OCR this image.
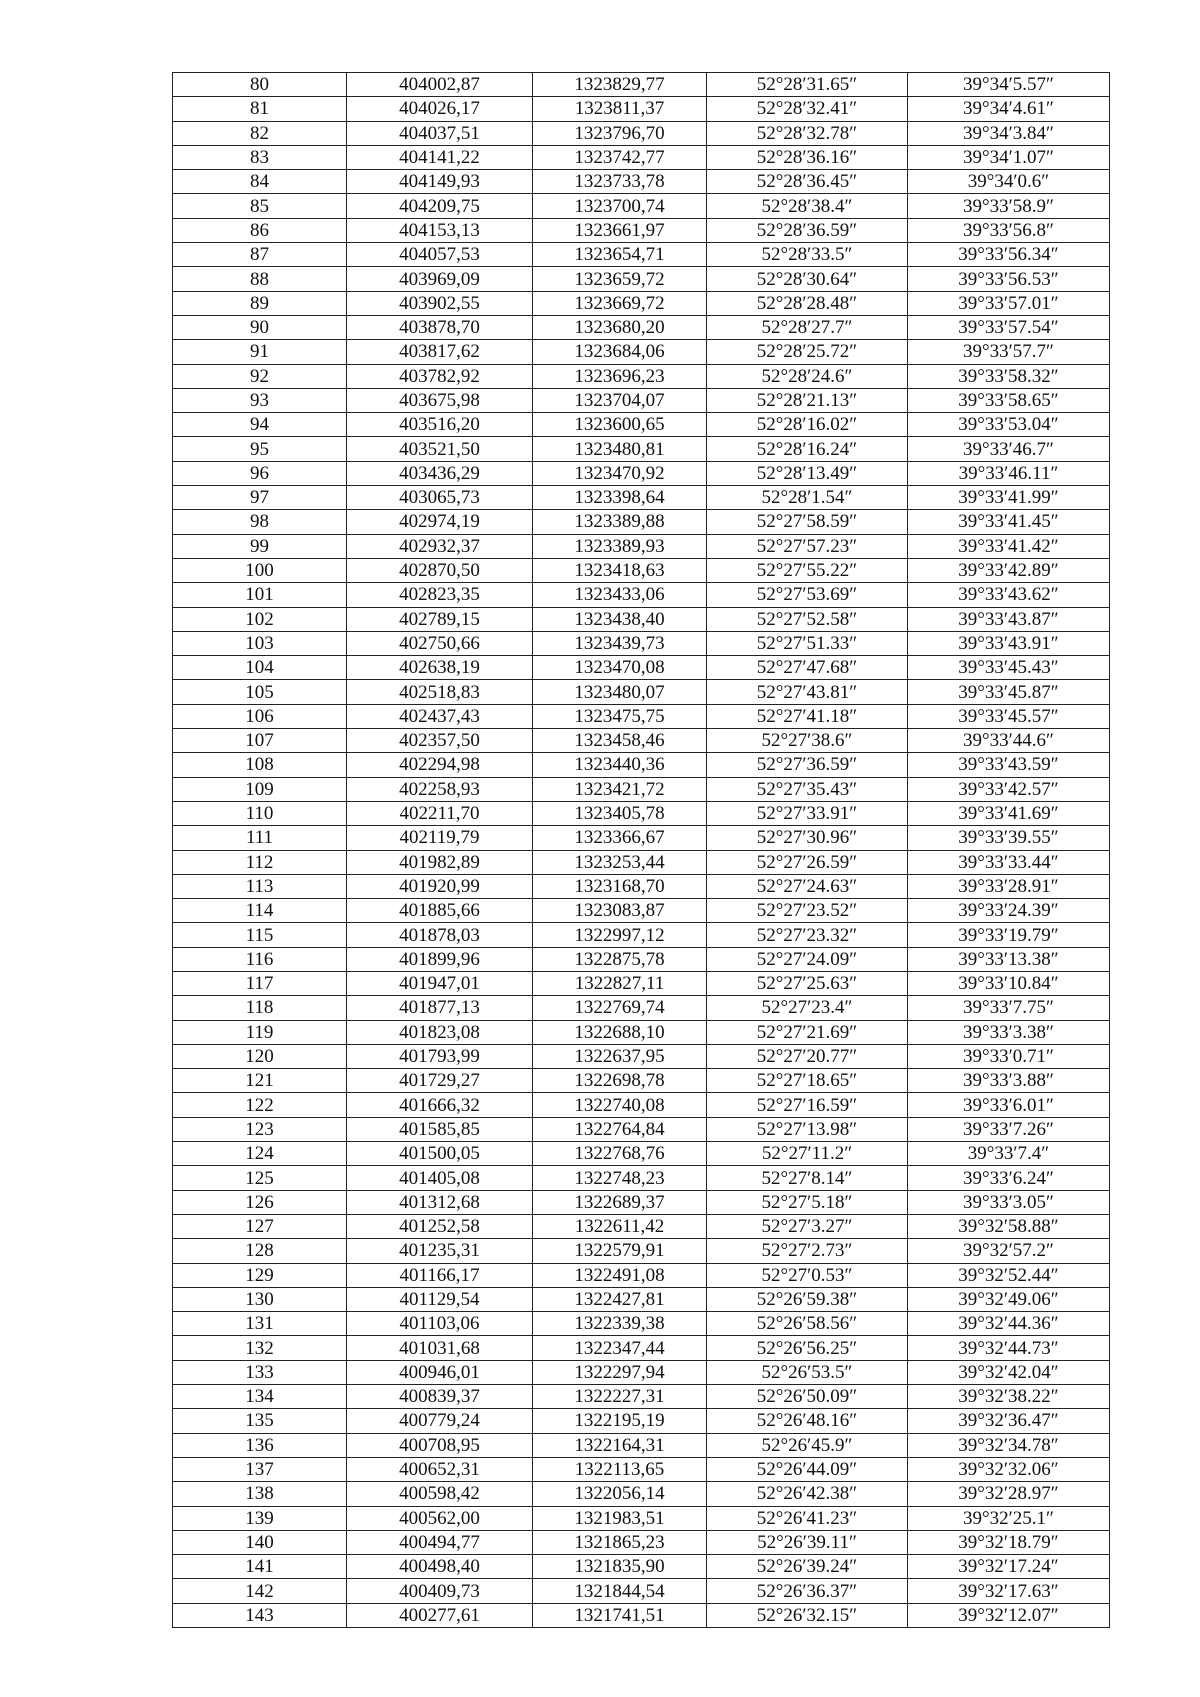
80	404002,87	1323829,77	52°28′31.65″	39°34′5.57″
81	404026,17	1323811,37	52°28′32.41″	39°34′4.61″
82	404037,51	1323796,70	52°28′32.78″	39°34′3.84″
83	404141,22	1323742,77	52°28′36.16″	39°34′1.07″
84	404149,93	1323733,78	52°28′36.45″	39°34′0.6″
85	404209,75	1323700,74	52°28′38.4″	39°33′58.9″
86	404153,13	1323661,97	52°28′36.59″	39°33′56.8″
87	404057,53	1323654,71	52°28′33.5″	39°33′56.34″
88	403969,09	1323659,72	52°28′30.64″	39°33′56.53″
89	403902,55	1323669,72	52°28′28.48″	39°33′57.01″
90	403878,70	1323680,20	52°28′27.7″	39°33′57.54″
91	403817,62	1323684,06	52°28′25.72″	39°33′57.7″
92	403782,92	1323696,23	52°28′24.6″	39°33′58.32″
93	403675,98	1323704,07	52°28′21.13″	39°33′58.65″
94	403516,20	1323600,65	52°28′16.02″	39°33′53.04″
95	403521,50	1323480,81	52°28′16.24″	39°33′46.7″
96	403436,29	1323470,92	52°28′13.49″	39°33′46.11″
97	403065,73	1323398,64	52°28′1.54″	39°33′41.99″
98	402974,19	1323389,88	52°27′58.59″	39°33′41.45″
99	402932,37	1323389,93	52°27′57.23″	39°33′41.42″
100	402870,50	1323418,63	52°27′55.22″	39°33′42.89″
101	402823,35	1323433,06	52°27′53.69″	39°33′43.62″
102	402789,15	1323438,40	52°27′52.58″	39°33′43.87″
103	402750,66	1323439,73	52°27′51.33″	39°33′43.91″
104	402638,19	1323470,08	52°27′47.68″	39°33′45.43″
105	402518,83	1323480,07	52°27′43.81″	39°33′45.87″
106	402437,43	1323475,75	52°27′41.18″	39°33′45.57″
107	402357,50	1323458,46	52°27′38.6″	39°33′44.6″
108	402294,98	1323440,36	52°27′36.59″	39°33′43.59″
109	402258,93	1323421,72	52°27′35.43″	39°33′42.57″
110	402211,70	1323405,78	52°27′33.91″	39°33′41.69″
111	402119,79	1323366,67	52°27′30.96″	39°33′39.55″
112	401982,89	1323253,44	52°27′26.59″	39°33′33.44″
113	401920,99	1323168,70	52°27′24.63″	39°33′28.91″
114	401885,66	1323083,87	52°27′23.52″	39°33′24.39″
115	401878,03	1322997,12	52°27′23.32″	39°33′19.79″
116	401899,96	1322875,78	52°27′24.09″	39°33′13.38″
117	401947,01	1322827,11	52°27′25.63″	39°33′10.84″
118	401877,13	1322769,74	52°27′23.4″	39°33′7.75″
119	401823,08	1322688,10	52°27′21.69″	39°33′3.38″
120	401793,99	1322637,95	52°27′20.77″	39°33′0.71″
121	401729,27	1322698,78	52°27′18.65″	39°33′3.88″
122	401666,32	1322740,08	52°27′16.59″	39°33′6.01″
123	401585,85	1322764,84	52°27′13.98″	39°33′7.26″
124	401500,05	1322768,76	52°27′11.2″	39°33′7.4″
125	401405,08	1322748,23	52°27′8.14″	39°33′6.24″
126	401312,68	1322689,37	52°27′5.18″	39°33′3.05″
127	401252,58	1322611,42	52°27′3.27″	39°32′58.88″
128	401235,31	1322579,91	52°27′2.73″	39°32′57.2″
129	401166,17	1322491,08	52°27′0.53″	39°32′52.44″
130	401129,54	1322427,81	52°26′59.38″	39°32′49.06″
131	401103,06	1322339,38	52°26′58.56″	39°32′44.36″
132	401031,68	1322347,44	52°26′56.25″	39°32′44.73″
133	400946,01	1322297,94	52°26′53.5″	39°32′42.04″
134	400839,37	1322227,31	52°26′50.09″	39°32′38.22″
135	400779,24	1322195,19	52°26′48.16″	39°32′36.47″
136	400708,95	1322164,31	52°26′45.9″	39°32′34.78″
137	400652,31	1322113,65	52°26′44.09″	39°32′32.06″
138	400598,42	1322056,14	52°26′42.38″	39°32′28.97″
139	400562,00	1321983,51	52°26′41.23″	39°32′25.1″
140	400494,77	1321865,23	52°26′39.11″	39°32′18.79″
141	400498,40	1321835,90	52°26′39.24″	39°32′17.24″
142	400409,73	1321844,54	52°26′36.37″	39°32′17.63″
143	400277,61	1321741,51	52°26′32.15″	39°32′12.07″
